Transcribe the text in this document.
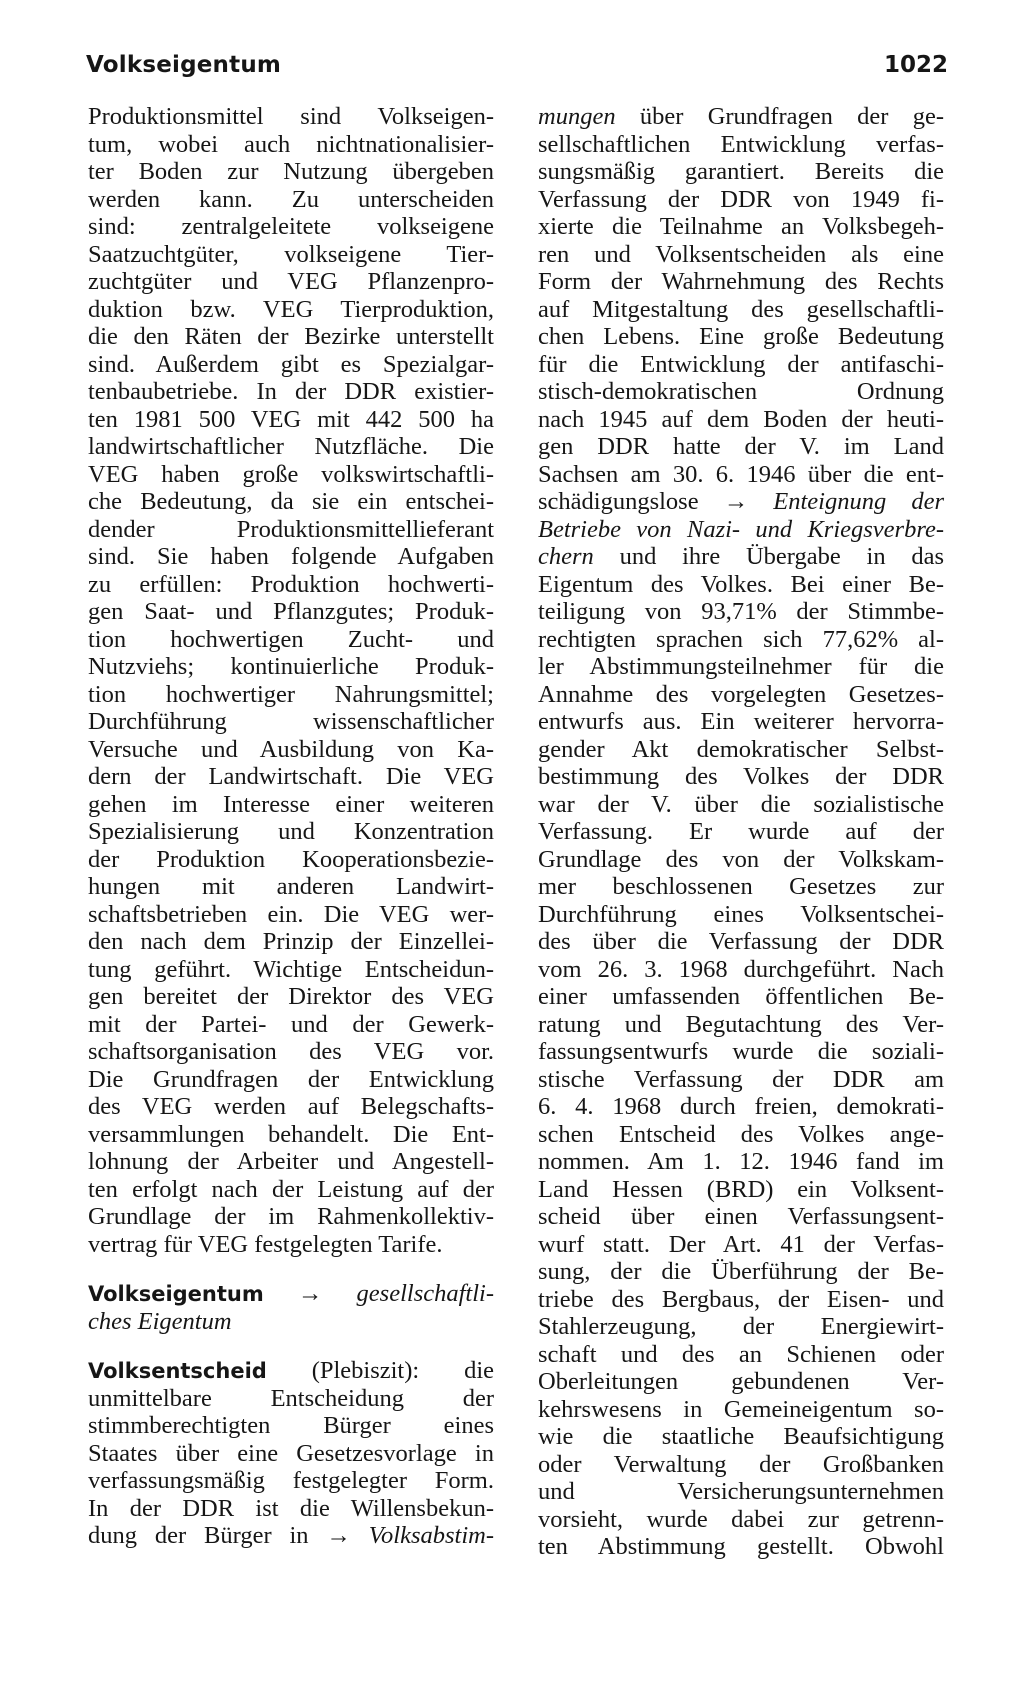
Volkseigentum	1022
Produktionsmittel sind Volkseigen-
tum, wobei auch nichtnationalisier-
ter Boden zur Nutzung übergeben
werden kann. Zu unterscheiden
sind: zentralgeleitete volkseigene
Saatzuchtgüter, volkseigene Tier-
zuchtgüter und VEG Pflanzenpro-
duktion bzw. VEG Tierproduktion,
die den Räten der Bezirke unterstellt
sind. Außerdem gibt es Spezialgar-
tenbaubetriebe. In der DDR existier-
ten 1981 500 VEG mit 442 500 ha
landwirtschaftlicher Nutzfläche. Die
VEG haben große volkswirtschaftli-
che Bedeutung, da sie ein entschei-
dender Produktionsmittellieferant
sind. Sie haben folgende Aufgaben
zu erfüllen: Produktion hochwerti-
gen Saat- und Pflanzgutes; Produk-
tion hochwertigen Zucht- und
Nutzviehs; kontinuierliche Produk-
tion hochwertiger Nahrungsmittel;
Durchführung wissenschaftlicher
Versuche und Ausbildung von Ka-
dern der Landwirtschaft. Die VEG
gehen im Interesse einer weiteren
Spezialisierung und Konzentration
der Produktion Kooperationsbezie-
hungen mit anderen Landwirt-
schaftsbetrieben ein. Die VEG wer-
den nach dem Prinzip der Einzellei-
tung geführt. Wichtige Entscheidun-
gen bereitet der Direktor des VEG
mit der Partei- und der Gewerk-
schaftsorganisation des VEG vor.
Die Grundfragen der Entwicklung
des VEG werden auf Belegschafts-
versammlungen behandelt. Die Ent-
lohnung der Arbeiter und Angestell-
ten erfolgt nach der Leistung auf der
Grundlage der im Rahmenkollektiv-
vertrag für VEG festgelegten Tarife.
Volkseigentum → gesellschaftli-
ches Eigentum
Volksentscheid (Plebiszit): die
unmittelbare Entscheidung der
stimmberechtigten Bürger eines
Staates über eine Gesetzesvorlage in
verfassungsmäßig festgelegter Form.
In der DDR ist die Willensbekun-
dung der Bürger in → Volksabstim-
mungen über Grundfragen der ge-
sellschaftlichen Entwicklung verfas-
sungsmäßig garantiert. Bereits die
Verfassung der DDR von 1949 fi-
xierte die Teilnahme an Volksbegeh-
ren und Volksentscheiden als eine
Form der Wahrnehmung des Rechts
auf Mitgestaltung des gesellschaftli-
chen Lebens. Eine große Bedeutung
für die Entwicklung der antifaschi-
stisch-demokratischen Ordnung
nach 1945 auf dem Boden der heuti-
gen DDR hatte der V. im Land
Sachsen am 30. 6. 1946 über die ent-
schädigungslose → Enteignung der
Betriebe von Nazi- und Kriegsverbre-
chern und ihre Übergabe in das
Eigentum des Volkes. Bei einer Be-
teiligung von 93,71% der Stimmbe-
rechtigten sprachen sich 77,62% al-
ler Abstimmungsteilnehmer für die
Annahme des vorgelegten Gesetzes-
entwurfs aus. Ein weiterer hervorra-
gender Akt demokratischer Selbst-
bestimmung des Volkes der DDR
war der V. über die sozialistische
Verfassung. Er wurde auf der
Grundlage des von der Volkskam-
mer beschlossenen Gesetzes zur
Durchführung eines Volksentschei-
des über die Verfassung der DDR
vom 26. 3. 1968 durchgeführt. Nach
einer umfassenden öffentlichen Be-
ratung und Begutachtung des Ver-
fassungsentwurfs wurde die soziali-
stische Verfassung der DDR am
6. 4. 1968 durch freien, demokrati-
schen Entscheid des Volkes ange-
nommen. Am 1. 12. 1946 fand im
Land Hessen (BRD) ein Volksent-
scheid über einen Verfassungsent-
wurf statt. Der Art. 41 der Verfas-
sung, der die Überführung der Be-
triebe des Bergbaus, der Eisen- und
Stahlerzeugung, der Energiewirt-
schaft und des an Schienen oder
Oberleitungen gebundenen Ver-
kehrswesens in Gemeineigentum so-
wie die staatliche Beaufsichtigung
oder Verwaltung der Großbanken
und Versicherungsunternehmen
vorsieht, wurde dabei zur getrenn-
ten Abstimmung gestellt. Obwohl
